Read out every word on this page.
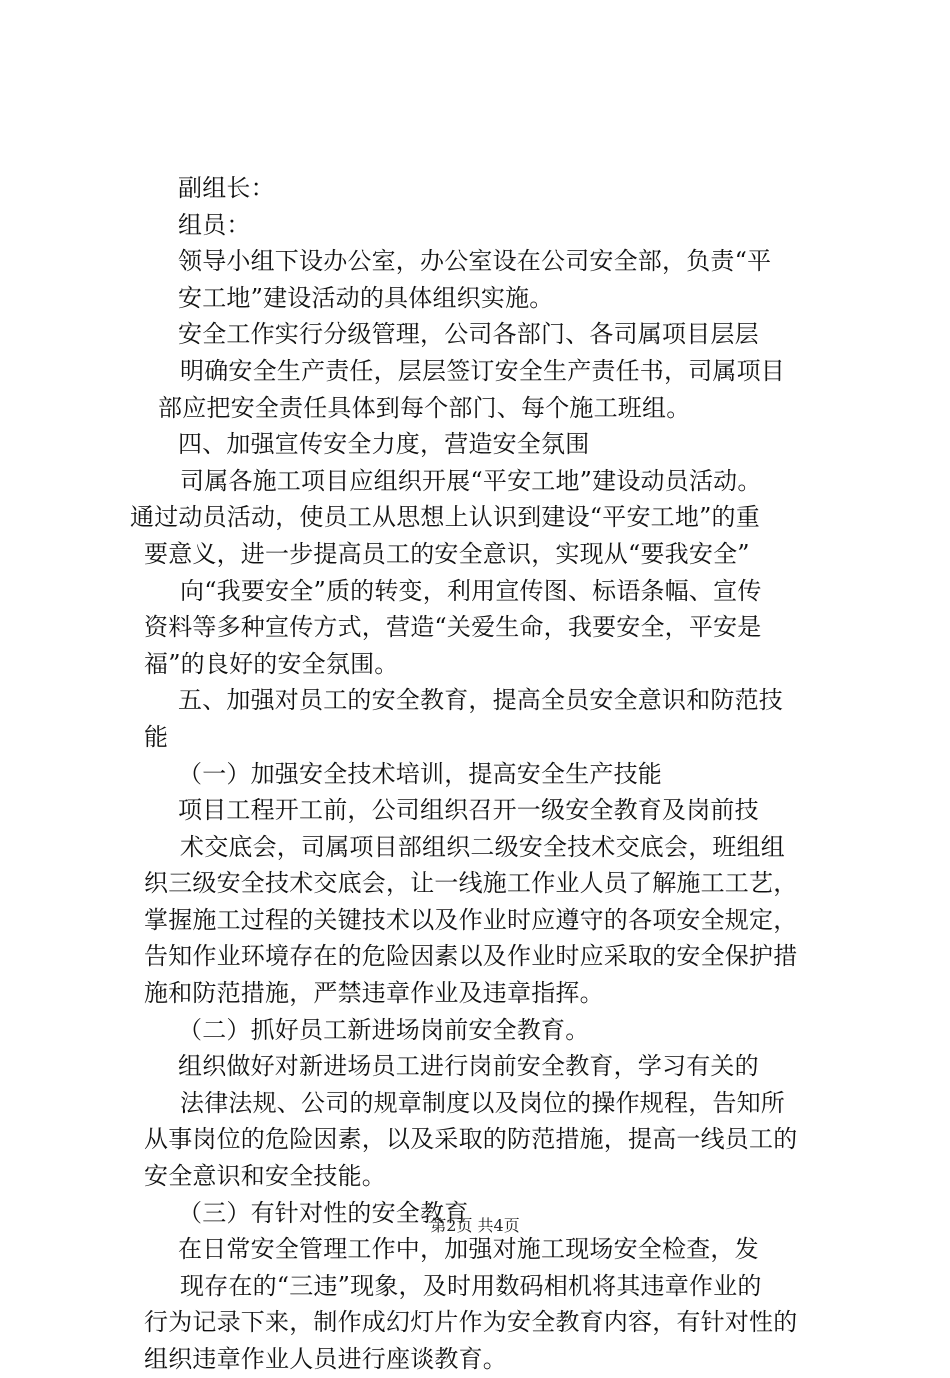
副组长：
组员：
领导小组下设办公室，办公室设在公司安全部，负责“平
安工地”建设活动的具体组织实施。
安全工作实行分级管理，公司各部门、各司属项目层层
明确安全生产责任，层层签订安全生产责任书，司属项目
部应把安全责任具体到每个部门、每个施工班组。
四、加强宣传安全力度，营造安全氛围
司属各施工项目应组织开展“平安工地”建设动员活动。
通过动员活动，使员工从思想上认识到建设“平安工地”的重
要意义，进一步提高员工的安全意识，实现从“要我安全”
向“我要安全”质的转变，利用宣传图、标语条幅、宣传
资料等多种宣传方式，营造“关爱生命，我要安全，平安是
福”的良好的安全氛围。
五、加强对员工的安全教育，提高全员安全意识和防范技
能
（一）加强安全技术培训，提高安全生产技能
项目工程开工前，公司组织召开一级安全教育及岗前技
术交底会，司属项目部组织二级安全技术交底会，班组组
织三级安全技术交底会，让一线施工作业人员了解施工工艺，
掌握施工过程的关键技术以及作业时应遵守的各项安全规定，
告知作业环境存在的危险因素以及作业时应采取的安全保护措
施和防范措施，严禁违章作业及违章指挥。
（二）抓好员工新进场岗前安全教育。
组织做好对新进场员工进行岗前安全教育，学习有关的
法律法规、公司的规章制度以及岗位的操作规程，告知所
从事岗位的危险因素，以及采取的防范措施，提高一线员工的
安全意识和安全技能。
（三）有针对性的安全教育
在日常安全管理工作中，加强对施工现场安全检查，发
现存在的“三违”现象，及时用数码相机将其违章作业的
行为记录下来，制作成幻灯片作为安全教育内容，有针对性的
组织违章作业人员进行座谈教育。
第2页 共4页
